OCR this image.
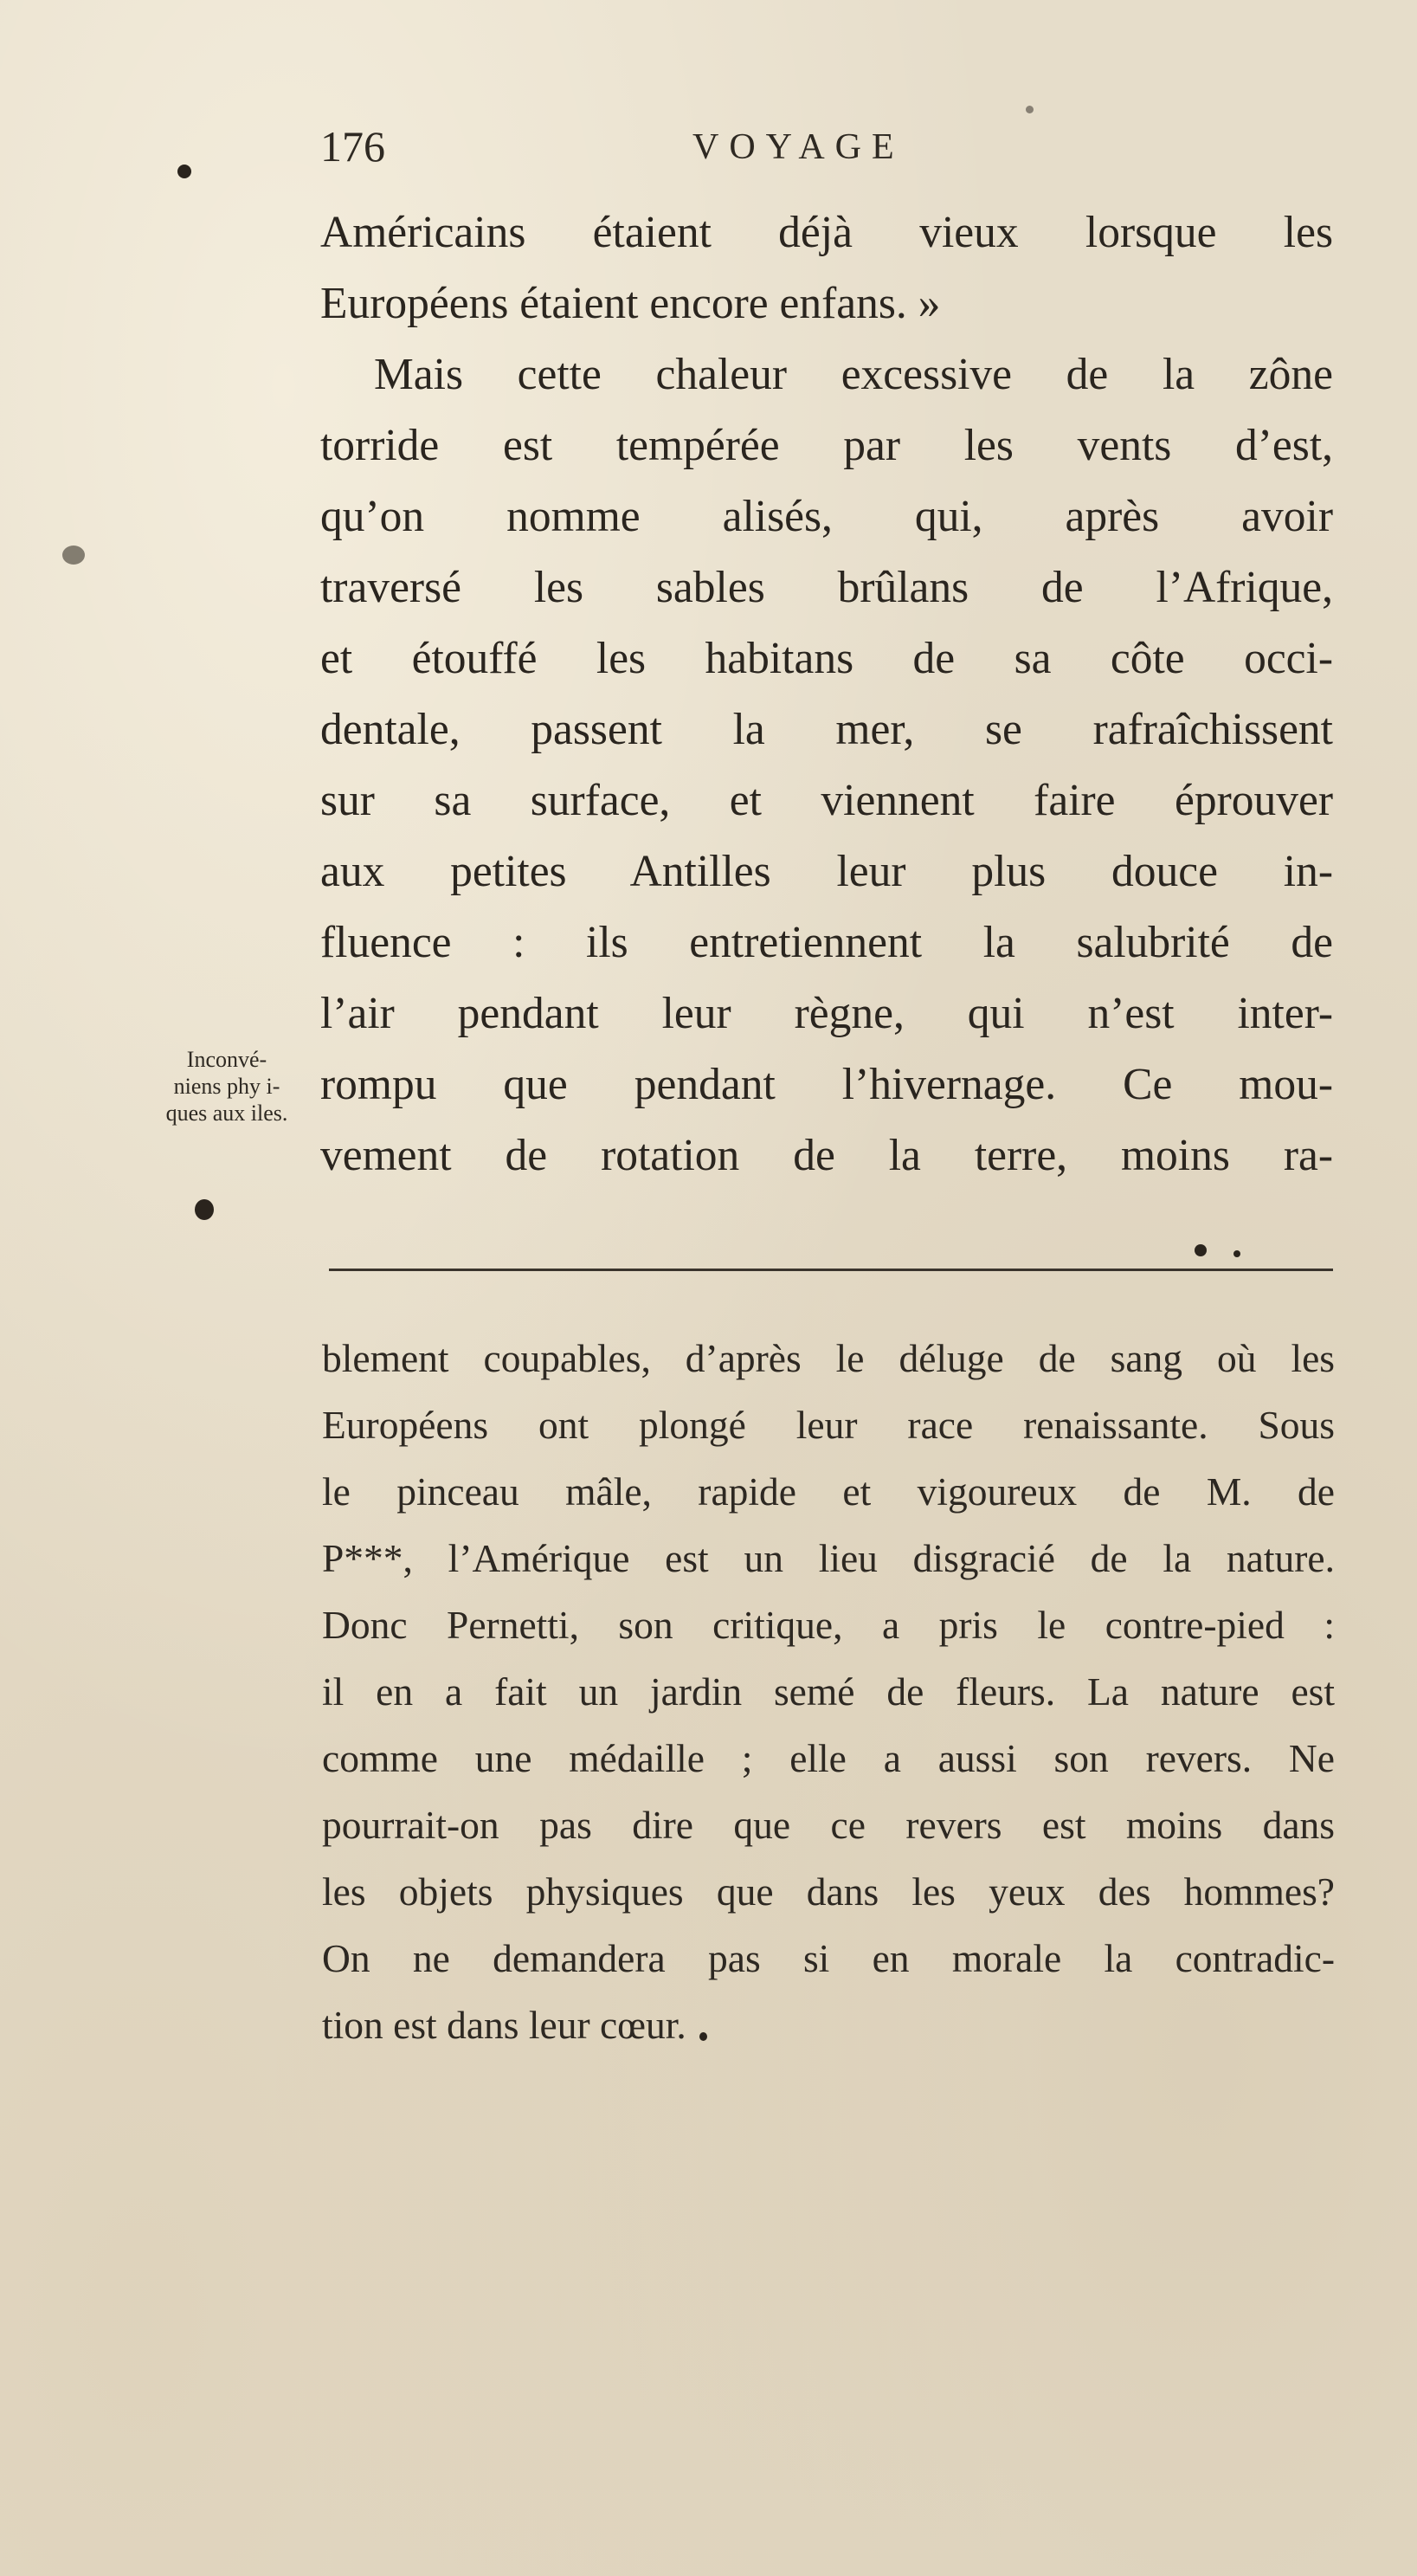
176	VOYAGE
Américains étaient déjà vieux lorsque les
Européens étaient encore enfans. »
Mais cette chaleur excessive de la zône
torride est tempérée par les vents d’est,
qu’on nomme alisés, qui, après avoir
traversé les sables brûlans de l’Afrique,
et étouffé les habitans de sa côte occi-
dentale, passent la mer, se rafraîchissent
sur sa surface, et viennent faire éprouver
aux petites Antilles leur plus douce in-
fluence : ils entretiennent la salubrité de
l’air pendant leur règne, qui n’est inter-
rompu que pendant l’hivernage. Ce mou-
vement de rotation de la terre, moins ra-
Inconvé-
niens phy i-
ques aux iles.
blement coupables, d’après le déluge de sang où les
Européens ont plongé leur race renaissante. Sous
le pinceau mâle, rapide et vigoureux de M. de
P***, l’Amérique est un lieu disgracié de la nature.
Donc Pernetti, son critique, a pris le contre-pied :
il en a fait un jardin semé de fleurs. La nature est
comme une médaille ; elle a aussi son revers. Ne
pourrait-on pas dire que ce revers est moins dans
les objets physiques que dans les yeux des hommes?
On ne demandera pas si en morale la contradic-
tion est dans leur cœur.
